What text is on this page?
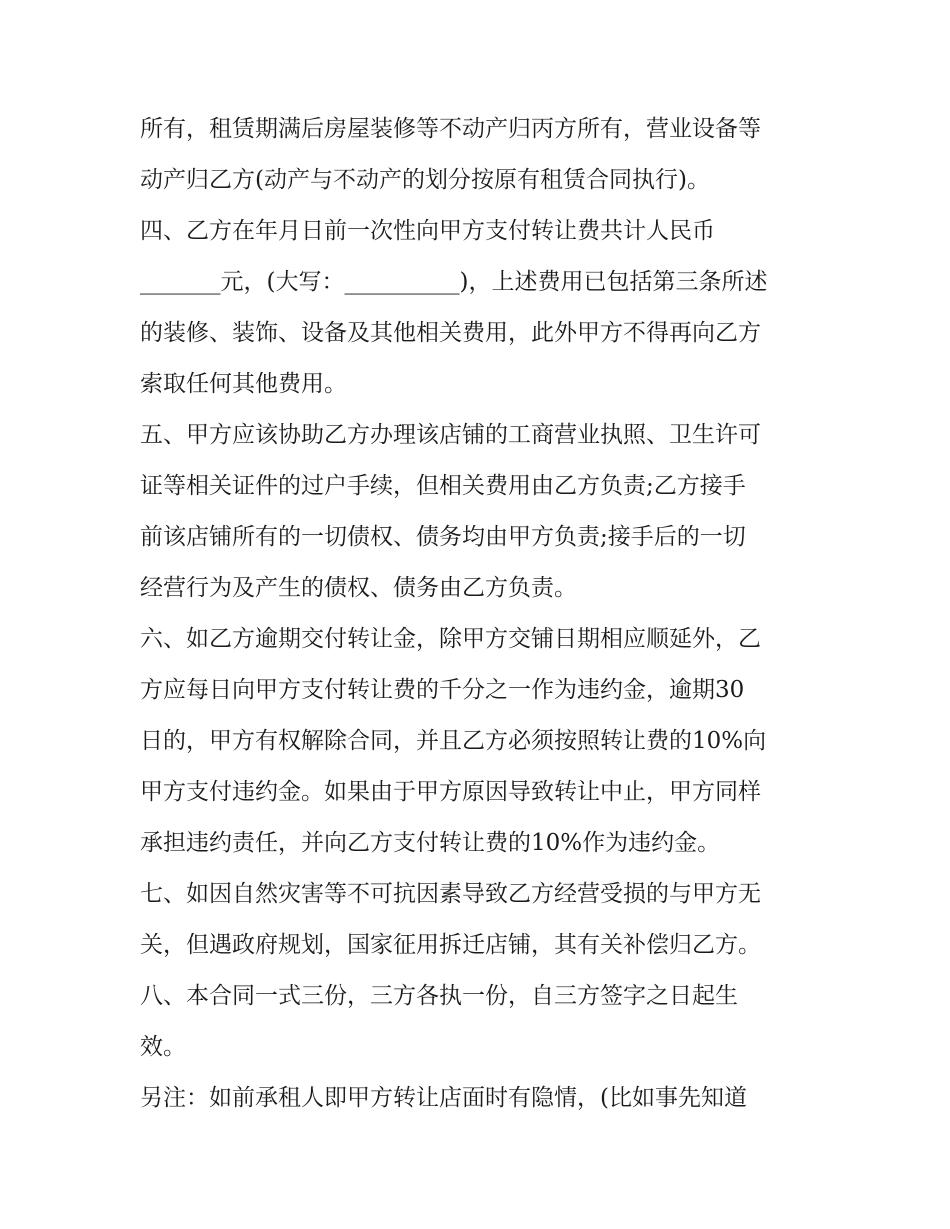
所有，租赁期满后房屋装修等不动产归丙方所有，营业设备等
动产归乙方(动产与不动产的划分按原有租赁合同执行)。
四、乙方在年月日前一次性向甲方支付转让费共计人民币
_______元，(大写：__________)，上述费用已包括第三条所述
的装修、装饰、设备及其他相关费用，此外甲方不得再向乙方
索取任何其他费用。
五、甲方应该协助乙方办理该店铺的工商营业执照、卫生许可
证等相关证件的过户手续，但相关费用由乙方负责;乙方接手
前该店铺所有的一切债权、债务均由甲方负责;接手后的一切
经营行为及产生的债权、债务由乙方负责。
六、如乙方逾期交付转让金，除甲方交铺日期相应顺延外，乙
方应每日向甲方支付转让费的千分之一作为违约金，逾期30
日的，甲方有权解除合同，并且乙方必须按照转让费的10%向
甲方支付违约金。如果由于甲方原因导致转让中止，甲方同样
承担违约责任，并向乙方支付转让费的10%作为违约金。
七、如因自然灾害等不可抗因素导致乙方经营受损的与甲方无
关，但遇政府规划，国家征用拆迁店铺，其有关补偿归乙方。
八、本合同一式三份，三方各执一份，自三方签字之日起生
效。
另注：如前承租人即甲方转让店面时有隐情，(比如事先知道
